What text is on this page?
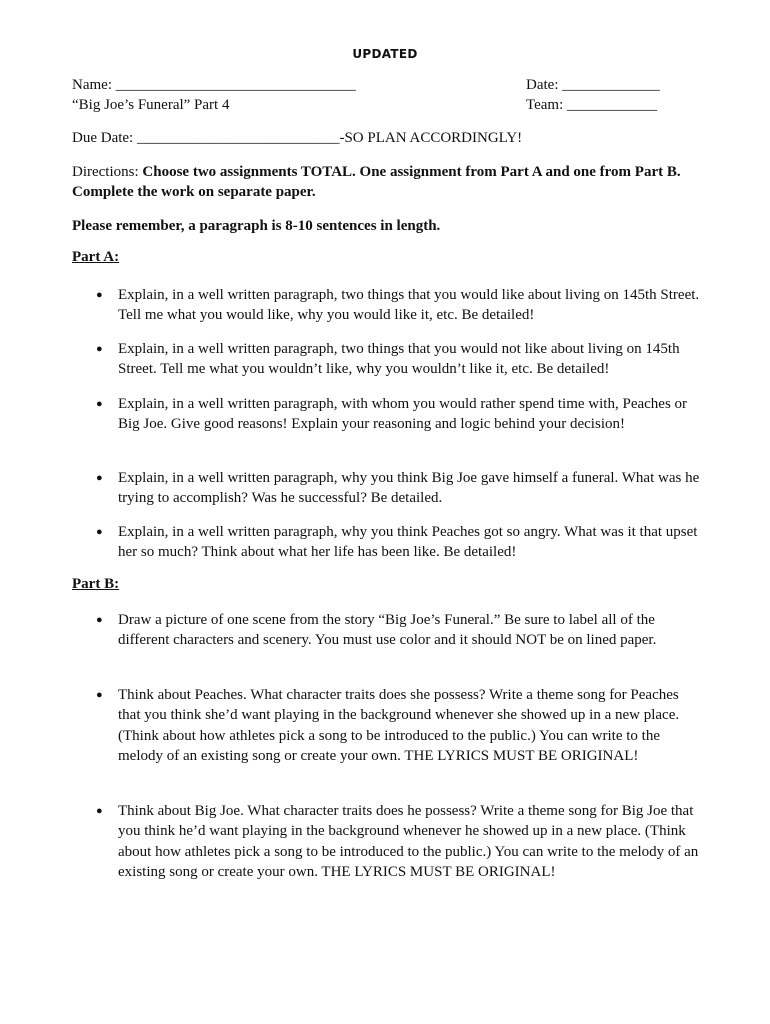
UPDATED
Name: ________________________________	Date: _____________
“Big Joe’s Funeral” Part 4	Team: ____________
Due Date: ___________________________-SO PLAN ACCORDINGLY!
Directions: Choose two assignments TOTAL. One assignment from Part A and one from Part B. Complete the work on separate paper.
Please remember, a paragraph is 8-10 sentences in length.
Part A:
● Explain, in a well written paragraph, two things that you would like about living on 145th Street. Tell me what you would like, why you would like it, etc. Be detailed!
● Explain, in a well written paragraph, two things that you would not like about living on 145th Street. Tell me what you wouldn’t like, why you wouldn’t like it, etc. Be detailed!
● Explain, in a well written paragraph, with whom you would rather spend time with, Peaches or Big Joe. Give good reasons! Explain your reasoning and logic behind your decision!
● Explain, in a well written paragraph, why you think Big Joe gave himself a funeral. What was he trying to accomplish? Was he successful? Be detailed.
● Explain, in a well written paragraph, why you think Peaches got so angry. What was it that upset her so much? Think about what her life has been like. Be detailed!
Part B:
● Draw a picture of one scene from the story “Big Joe’s Funeral.” Be sure to label all of the different characters and scenery. You must use color and it should NOT be on lined paper.
● Think about Peaches. What character traits does she possess? Write a theme song for Peaches that you think she’d want playing in the background whenever she showed up in a new place. (Think about how athletes pick a song to be introduced to the public.) You can write to the melody of an existing song or create your own. THE LYRICS MUST BE ORIGINAL!
● Think about Big Joe. What character traits does he possess? Write a theme song for Big Joe that you think he’d want playing in the background whenever he showed up in a new place. (Think about how athletes pick a song to be introduced to the public.) You can write to the melody of an existing song or create your own. THE LYRICS MUST BE ORIGINAL!
